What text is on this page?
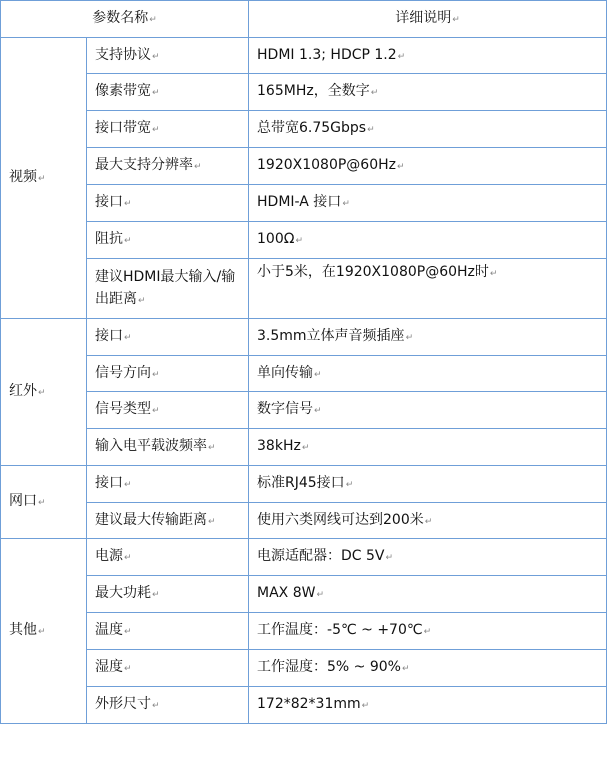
参数名称↵		详细说明↵
视频↵	支持协议↵	HDMI 1.3; HDCP 1.2↵
	像素带宽↵	165MHz，全数字↵
	接口带宽↵	总带宽6.75Gbps↵
	最大支持分辨率↵	1920X1080P@60Hz↵
	接口↵	HDMI-A 接口↵
	阻抗↵	100Ω↵
	建议HDMI最大输入/输出距离↵	小于5米，在1920X1080P@60Hz时↵
红外↵	接口↵	3.5mm立体声音频插座↵
	信号方向↵	单向传输↵
	信号类型↵	数字信号↵
	输入电平载波频率↵	38kHz↵
网口↵	接口↵	标准RJ45接口↵
	建议最大传输距离↵	使用六类网线可达到200米↵
其他↵	电源↵	电源适配器：DC 5V↵
	最大功耗↵	MAX 8W↵
	温度↵	工作温度：-5℃ ~ +70℃↵
	湿度↵	工作湿度：5% ~ 90%↵
	外形尺寸↵	172*82*31mm↵
